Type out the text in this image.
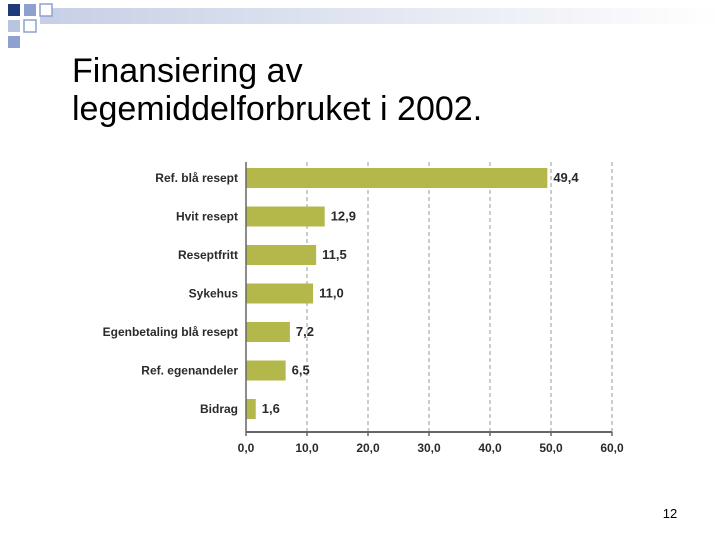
Finansiering av
legemiddelforbruket i 2002.
Ref. blå resept	49,4
Hvit resept	12,9
Reseptfritt	11,5
Sykehus	11,0
Egenbetaling blå resept	7,2
Ref. egenandeler	6,5
Bidrag 1,6
0,0	10,0	20,0	30,0	40,0	50,0	60,0
12
